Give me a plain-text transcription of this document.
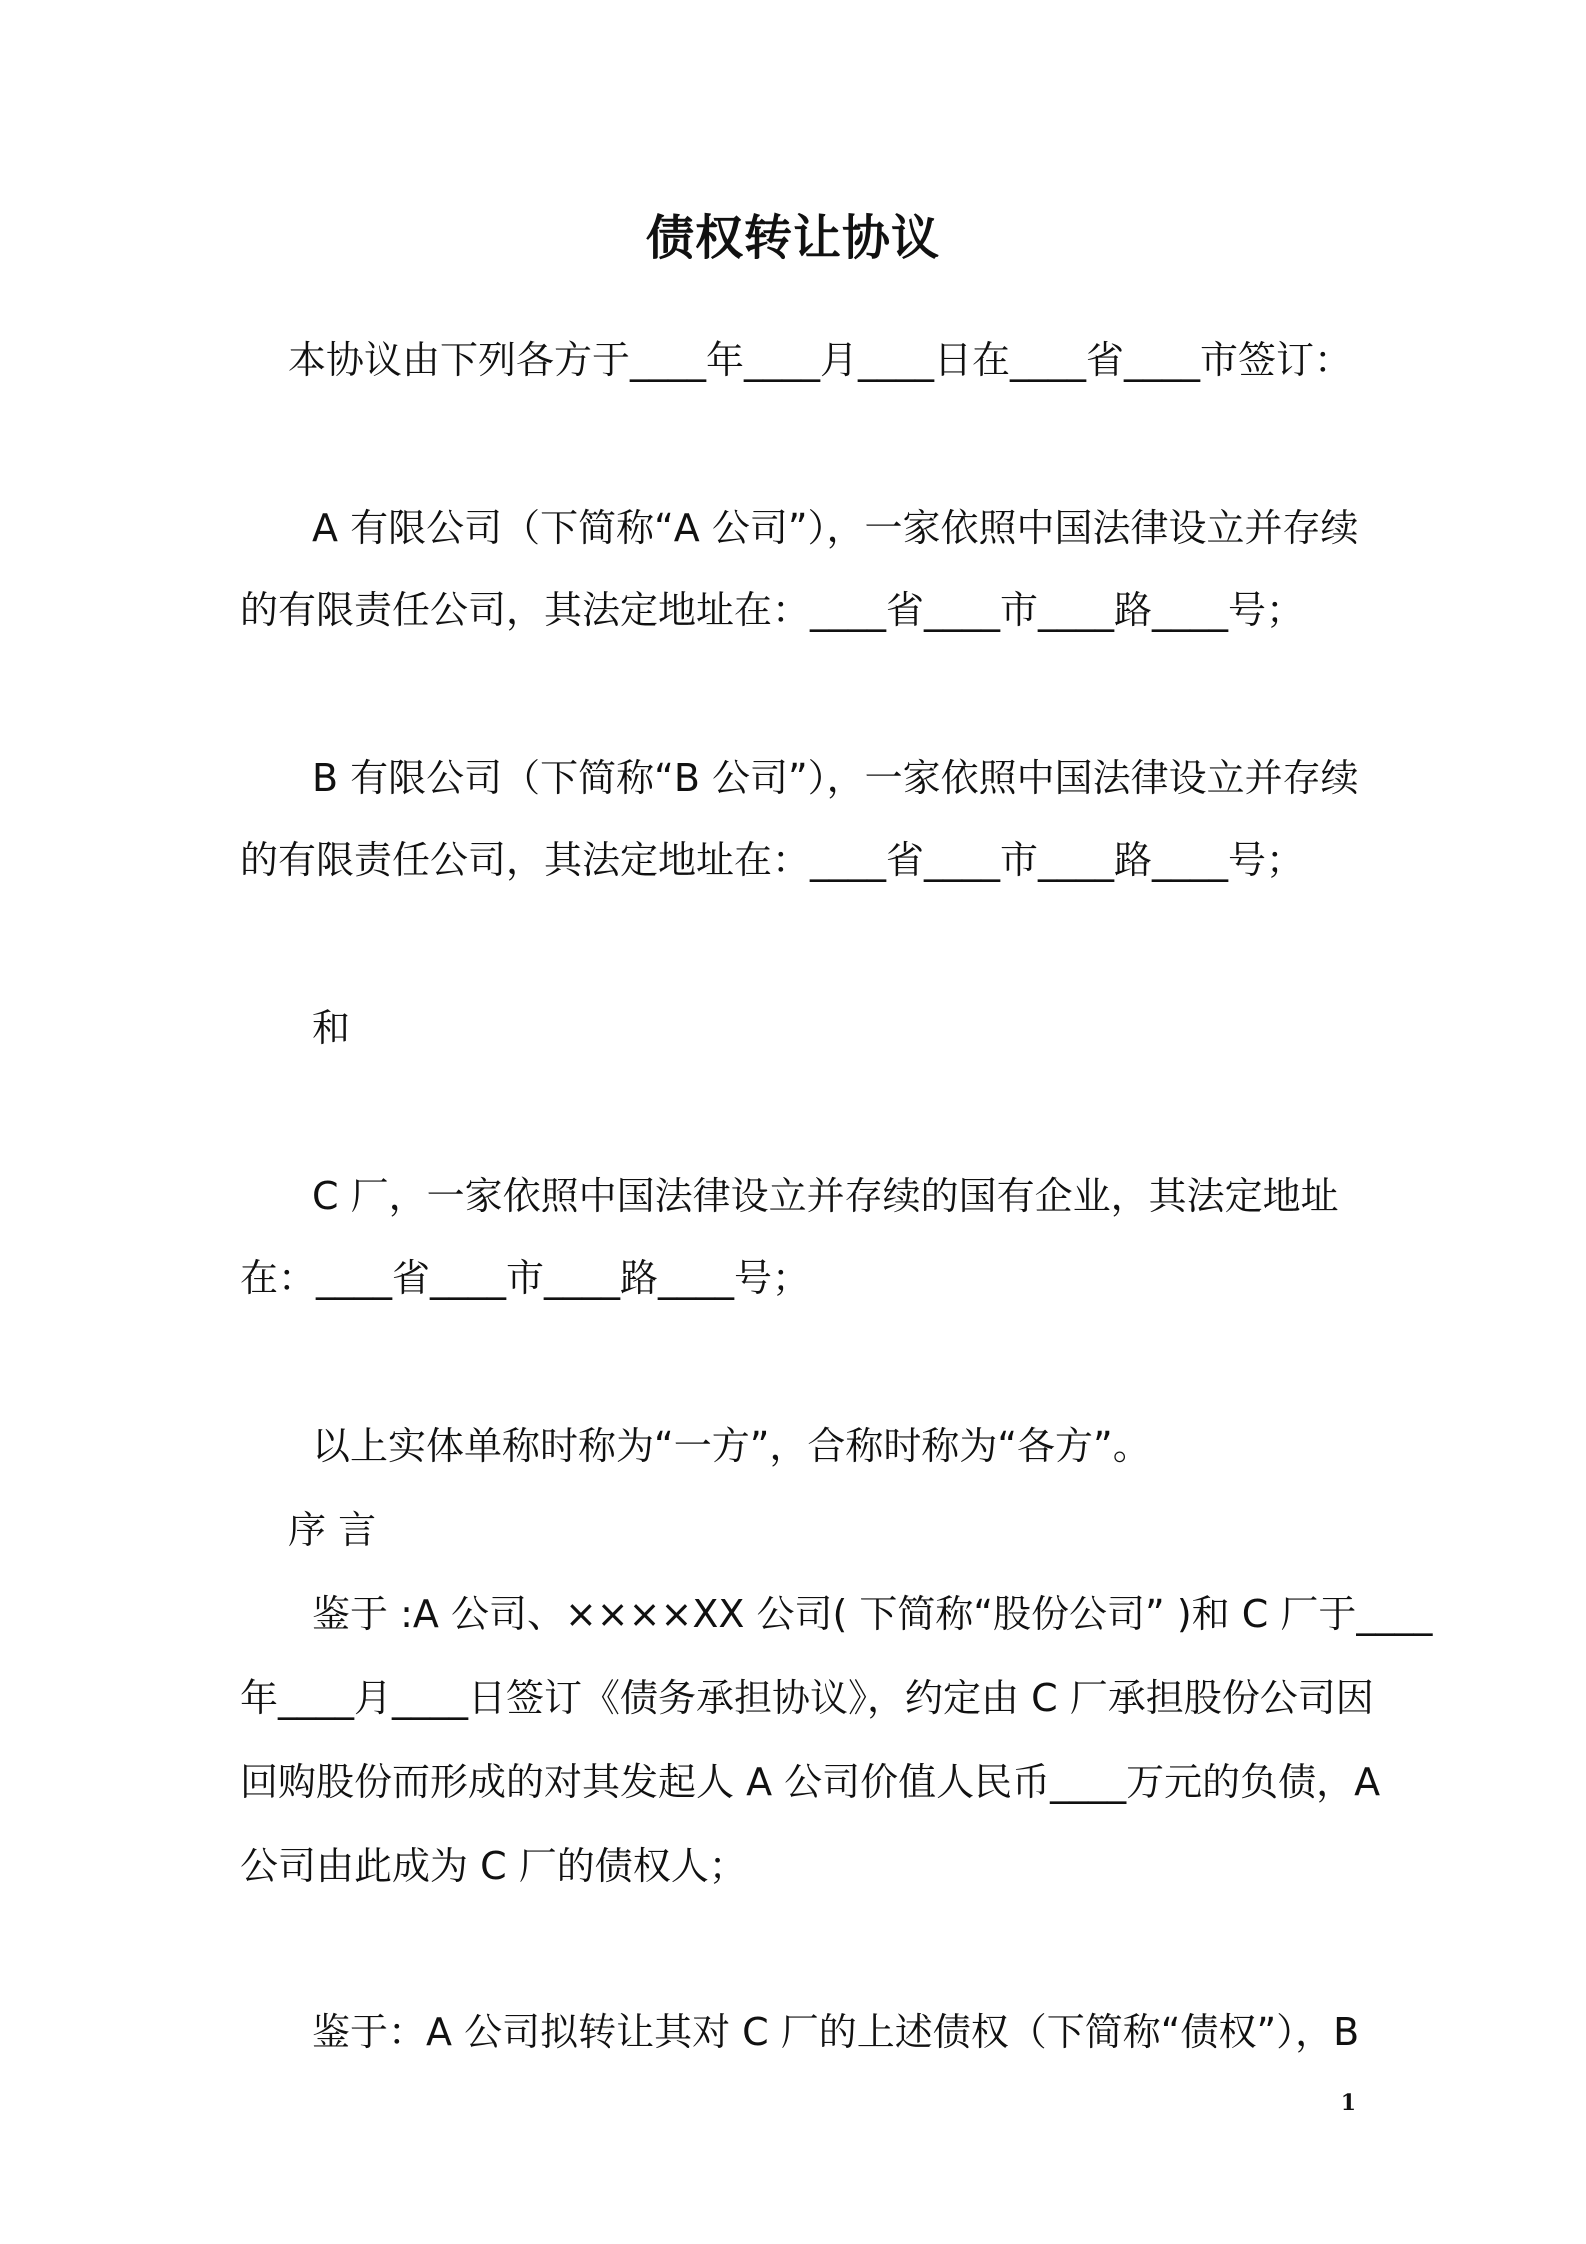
债权转让协议
本协议由下列各方于____年____月____日在____省____市签订：
A 有限公司（下简称“A 公司”），一家依照中国法律设立并存续
的有限责任公司，其法定地址在：____省____市____路____号；
B 有限公司（下简称“B 公司”），一家依照中国法律设立并存续
的有限责任公司，其法定地址在：____省____市____路____号；
和
C 厂，一家依照中国法律设立并存续的国有企业，其法定地址
在：____省____市____路____号；
以上实体单称时称为“一方”，合称时称为“各方”。
序 言
鉴于 :A 公司、××××XX 公司( 下简称“股份公司” )和 C 厂于____
年____月____日签订《债务承担协议》，约定由 C 厂承担股份公司因
回购股份而形成的对其发起人 A 公司价值人民币____万元的负债，A
公司由此成为 C 厂的债权人；
鉴于：A 公司拟转让其对 C 厂的上述债权（下简称“债权”），B
1
